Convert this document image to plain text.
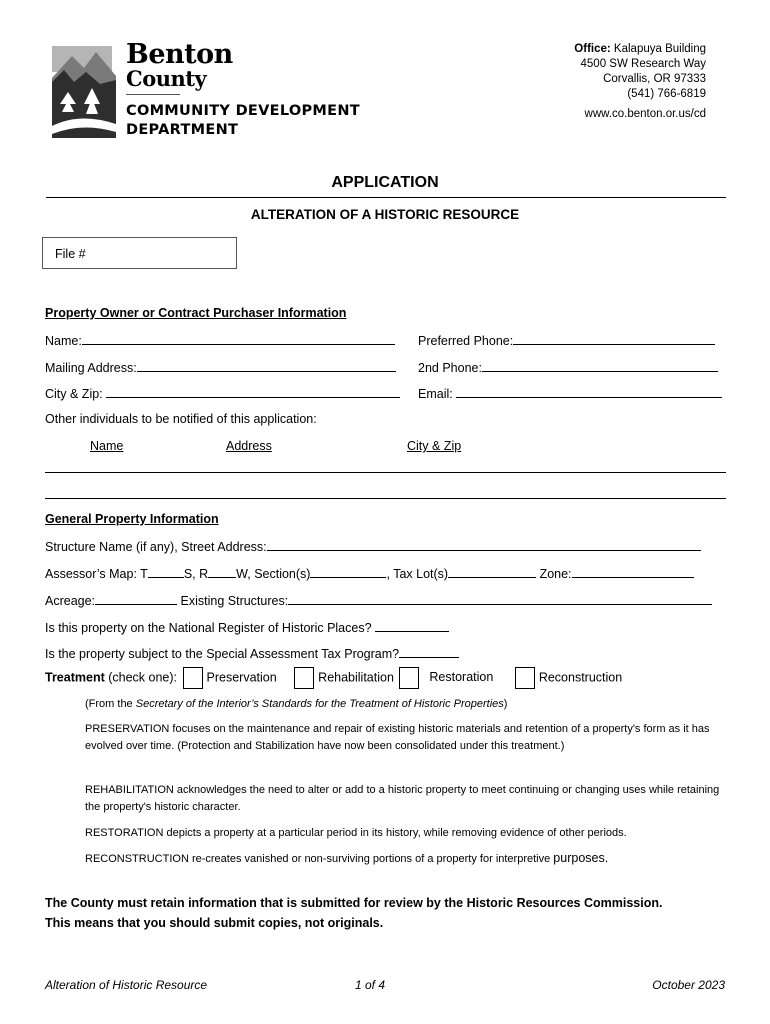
Benton
County
COMMUNITY DEVELOPMENT
DEPARTMENT
Office: Kalapuya Building
4500 SW Research Way
Corvallis, OR 97333
(541) 766-6819
www.co.benton.or.us/cd
APPLICATION
ALTERATION OF A HISTORIC RESOURCE
File #
Property Owner or Contract Purchaser Information
Name:	Preferred Phone:
Mailing Address:	2nd Phone:
City & Zip:	Email:
Other individuals to be notified of this application:
Name	Address	City & Zip
General Property Information
Structure Name (if any), Street Address:
Assessor’s Map: T	S, R W, Section(s)	, Tax Lot(s)	Zone:
Acreage:	Existing Structures:
Is this property on the National Register of Historic Places?
Is the property subject to the Special Assessment Tax Program?
Treatment (check one): Preservation	Rehabilitation	Restoration	Reconstruction
(From the Secretary of the Interior’s Standards for the Treatment of Historic Properties)
PRESERVATION focuses on the maintenance and repair of existing historic materials and retention of a property's form as it has evolved over time. (Protection and Stabilization have now been consolidated under this treatment.)
REHABILITATION acknowledges the need to alter or add to a historic property to meet continuing or changing uses while retaining the property's historic character.
RESTORATION depicts a property at a particular period in its history, while removing evidence of other periods.
RECONSTRUCTION re-creates vanished or non-surviving portions of a property for interpretive purposes.
The County must retain information that is submitted for review by the Historic Resources Commission.
This means that you should submit copies, not originals.
Alteration of Historic Resource	1 of 4	October 2023
